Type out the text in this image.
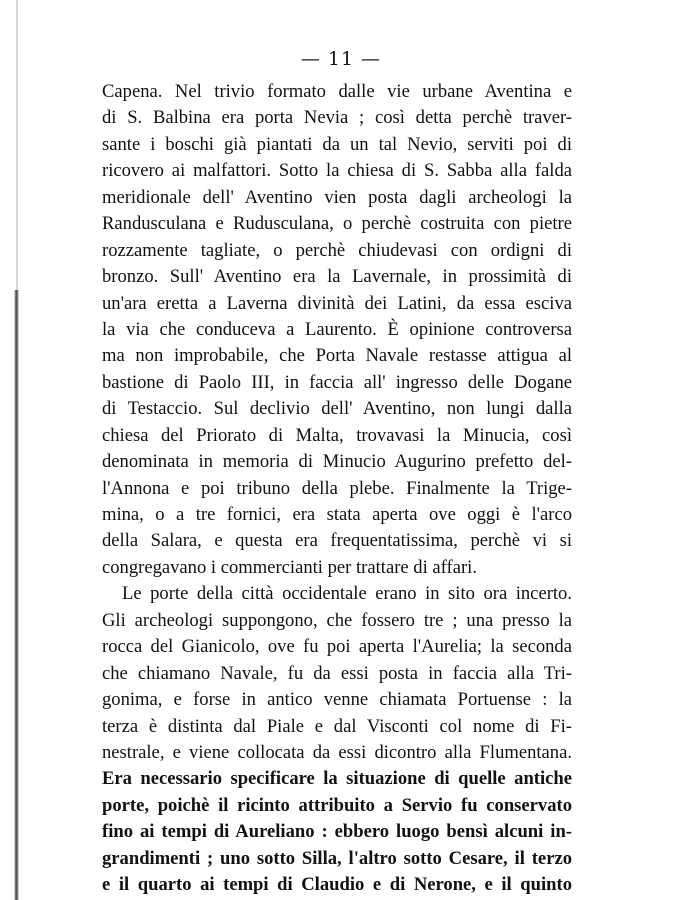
— 11 —
Capena. Nel trivio formato dalle vie urbane Aventina e
di S. Balbina era porta Nevia ; così detta perchè traver-
sante i boschi già piantati da un tal Nevio, serviti poi di
ricovero ai malfattori. Sotto la chiesa di S. Sabba alla falda
meridionale dell' Aventino vien posta dagli archeologi la
Randusculana e Rudusculana, o perchè costruita con pietre
rozzamente tagliate, o perchè chiudevasi con ordigni di
bronzo. Sull' Aventino era la Lavernale, in prossimità di
un'ara eretta a Laverna divinità dei Latini, da essa esciva
la via che conduceva a Laurento. È opinione controversa
ma non improbabile, che Porta Navale restasse attigua al
bastione di Paolo III, in faccia all' ingresso delle Dogane
di Testaccio. Sul declivio dell' Aventino, non lungi dalla
chiesa del Priorato di Malta, trovavasi la Minucia, così
denominata in memoria di Minucio Augurino prefetto del-
l'Annona e poi tribuno della plebe. Finalmente la Trige-
mina, o a tre fornici, era stata aperta ove oggi è l'arco
della Salara, e questa era frequentatissima, perchè vi si
congregavano i commercianti per trattare di affari.
Le porte della città occidentale erano in sito ora incerto.
Gli archeologi suppongono, che fossero tre ; una presso la
rocca del Gianicolo, ove fu poi aperta l'Aurelia; la seconda
che chiamano Navale, fu da essi posta in faccia alla Tri-
gonima, e forse in antico venne chiamata Portuense : la
terza è distinta dal Piale e dal Visconti col nome di Fi-
nestrale, e viene collocata da essi dicontro alla Flumentana.
Era necessario specificare la situazione di quelle antiche
porte, poichè il ricinto attribuito a Servio fu conservato
fino ai tempi di Aureliano : ebbero luogo bensì alcuni in-
grandimenti ; uno sotto Silla, l'altro sotto Cesare, il terzo
e il quarto ai tempi di Claudio e di Nerone, e il quinto
